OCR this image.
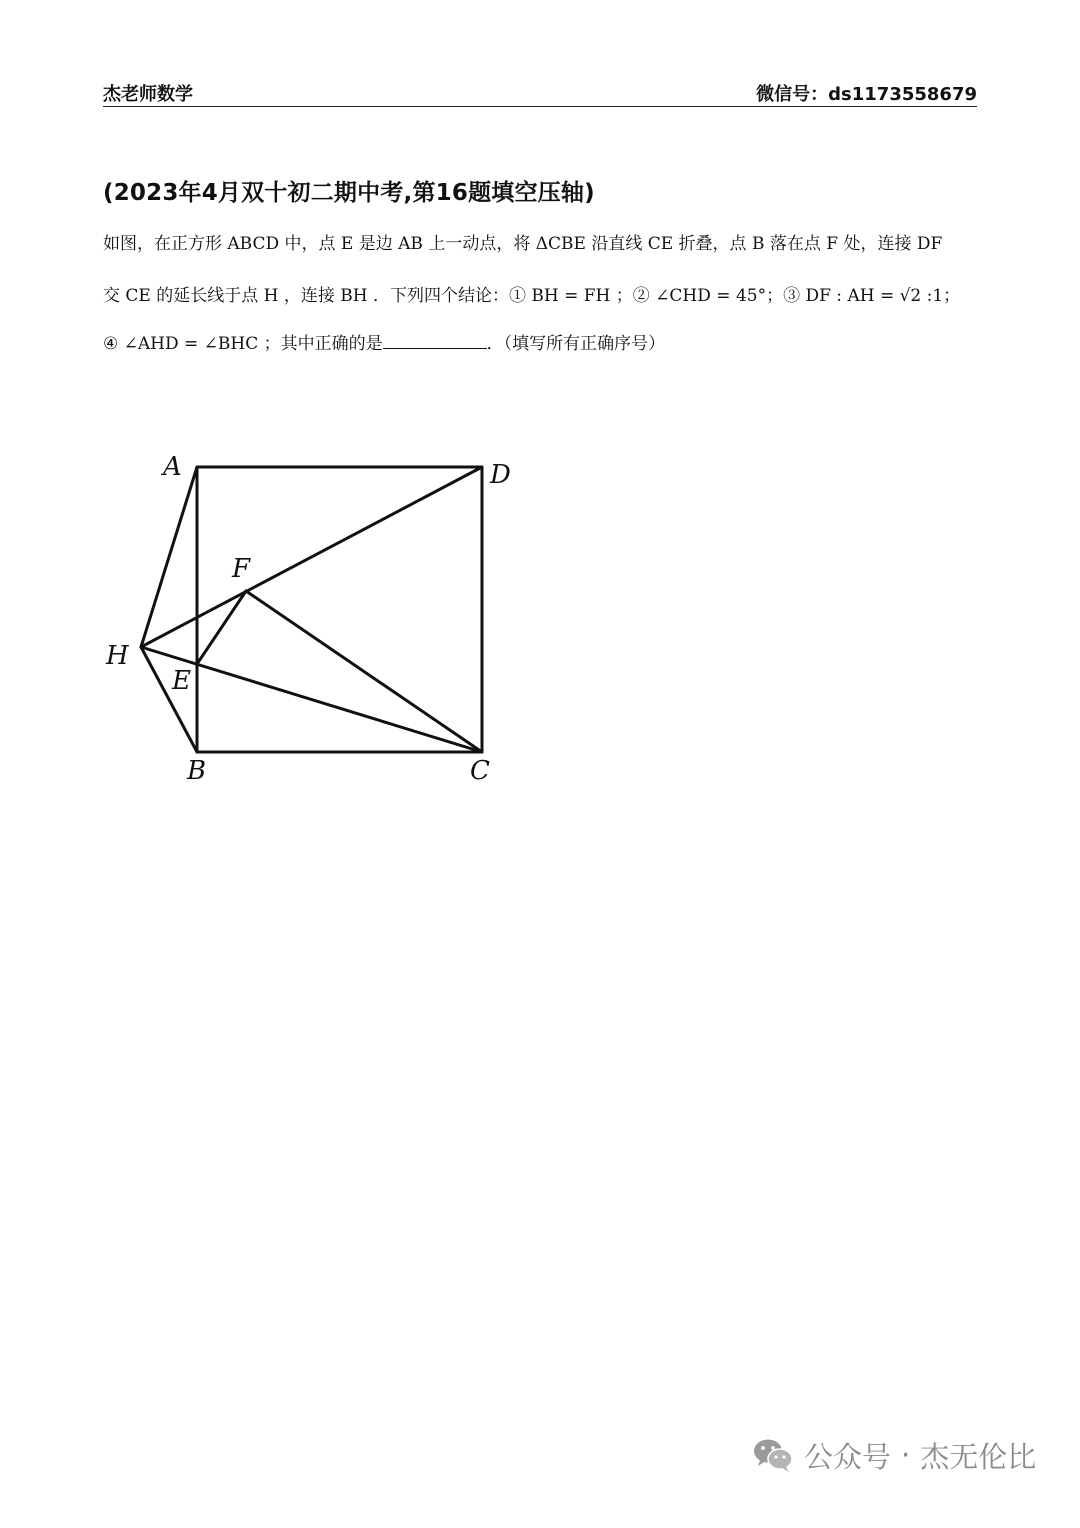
杰老师数学	微信号：ds1173558679
(2023年4月双十初二期中考,第16题填空压轴)
如图，在正方形 ABCD 中，点 E 是边 AB 上一动点，将 ΔCBE 沿直线 CE 折叠，点 B 落在点 F 处，连接 DF
交 CE 的延长线于点 H ，连接 BH ．下列四个结论：① BH = FH ；② ∠CHD = 45°；③ DF : AH = √2 :1；
④ ∠AHD = ∠BHC ；其中正确的是	．（填写所有正确序号）
A	D
F
H
E
B	C
公众号 · 杰无伦比
